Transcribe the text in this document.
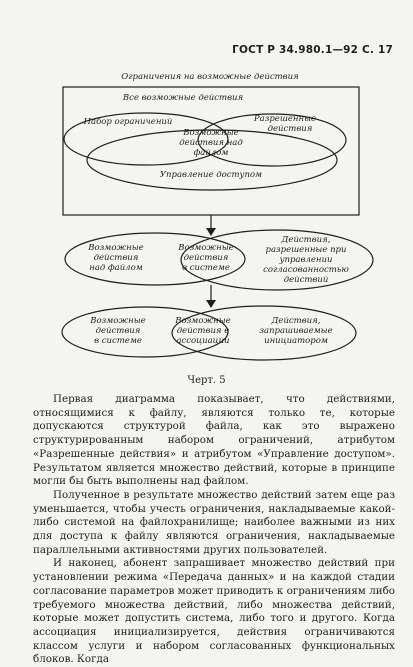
ГОСТ Р 34.980.1—92 С. 17
Ограничения на возможные действия
Все возможные действия
Набор ограничений	Разрешенные
действия
Возможные
действия над
файлом
Управление доступом
Возможные
действия
над файлом
Возможные
действия
в системе
Действия,
разрешенные при
управлении
согласованностью
действий
Возможные
действия
в системе
Возможные
действия в
ассоциации
Действия,
запрашиваемые
инициатором
Черт. 5

Первая диаграмма показывает, что действиями, относящимися к файлу, являются только те, которые допускаются структурой файла, как это выражено структурированным набором ограничений, атрибутом «Разрешенные действия» и атрибутом «Управление доступом». Результатом является множество действий, которые в принципе могли бы быть выполнены над файлом.

Полученное в результате множество действий затем еще раз уменьшается, чтобы учесть ограничения, накладываемые какой-либо системой на файлохранилище; наиболее важными из них для доступа к файлу являются ограничения, накладываемые параллельными активностями других пользователей.

И наконец, абонент запрашивает множество действий при установлении режима «Передача данных» и на каждой стадии согласование параметров может приводить к ограничениям либо требуемого множества действий, либо множества действий, которые может допустить система, либо того и другого. Когда ассоциация инициализируется, действия ограничиваются классом услуги и набором согласованных функциональных блоков. Когда
